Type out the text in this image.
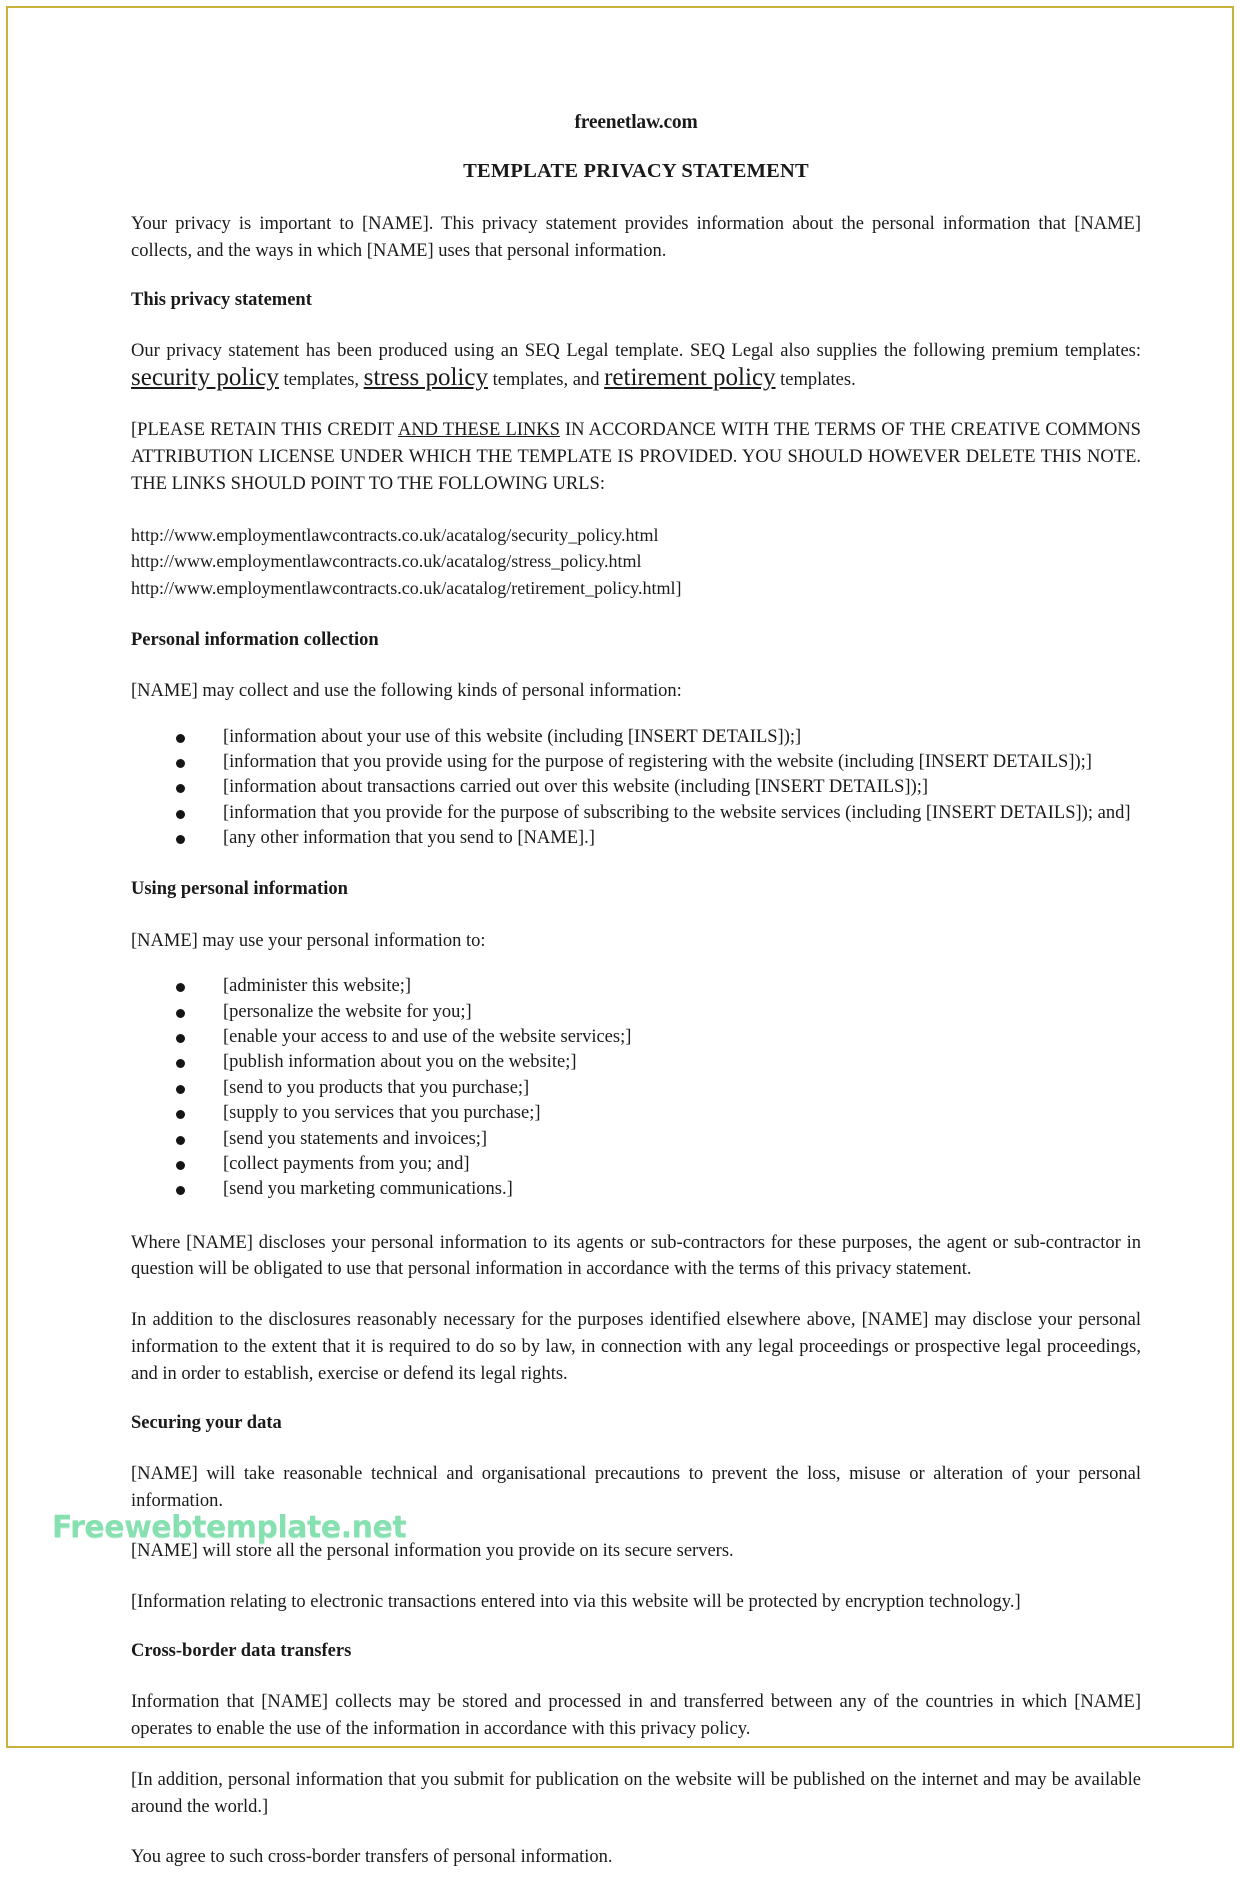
freenetlaw.com
TEMPLATE PRIVACY STATEMENT

Your privacy is important to [NAME]. This privacy statement provides information about the personal information that [NAME] collects, and the ways in which [NAME] uses that personal information.

This privacy statement

Our privacy statement has been produced using an SEQ Legal template. SEQ Legal also supplies the following premium templates: security policy templates, stress policy templates, and retirement policy templates.

[PLEASE RETAIN THIS CREDIT AND THESE LINKS IN ACCORDANCE WITH THE TERMS OF THE CREATIVE COMMONS ATTRIBUTION LICENSE UNDER WHICH THE TEMPLATE IS PROVIDED. YOU SHOULD HOWEVER DELETE THIS NOTE. THE LINKS SHOULD POINT TO THE FOLLOWING URLS:

http://www.employmentlawcontracts.co.uk/acatalog/security_policy.html
http://www.employmentlawcontracts.co.uk/acatalog/stress_policy.html
http://www.employmentlawcontracts.co.uk/acatalog/retirement_policy.html]
Personal information collection

[NAME] may collect and use the following kinds of personal information:

[information about your use of this website (including [INSERT DETAILS]);]
[information that you provide using for the purpose of registering with the website (including [INSERT DETAILS]);]
[information about transactions carried out over this website (including [INSERT DETAILS]);]
[information that you provide for the purpose of subscribing to the website services (including [INSERT DETAILS]); and]
[any other information that you send to [NAME].]
Using personal information

[NAME] may use your personal information to:

[administer this website;]
[personalize the website for you;]
[enable your access to and use of the website services;]
[publish information about you on the website;]
[send to you products that you purchase;]
[supply to you services that you purchase;]
[send you statements and invoices;]
[collect payments from you; and]
[send you marketing communications.]

Where [NAME] discloses your personal information to its agents or sub-contractors for these purposes, the agent or sub-contractor in question will be obligated to use that personal information in accordance with the terms of this privacy statement.

In addition to the disclosures reasonably necessary for the purposes identified elsewhere above, [NAME] may disclose your personal information to the extent that it is required to do so by law, in connection with any legal proceedings or prospective legal proceedings, and in order to establish, exercise or defend its legal rights.

Securing your data

[NAME] will take reasonable technical and organisational precautions to prevent the loss, misuse or alteration of your personal information.

[NAME] will store all the personal information you provide on its secure servers.

[Information relating to electronic transactions entered into via this website will be protected by encryption technology.]

Cross-border data transfers

Information that [NAME] collects may be stored and processed in and transferred between any of the countries in which [NAME] operates to enable the use of the information in accordance with this privacy policy.

[In addition, personal information that you submit for publication on the website will be published on the internet and may be available around the world.]

You agree to such cross-border transfers of personal information.

Freewebtemplate.net
